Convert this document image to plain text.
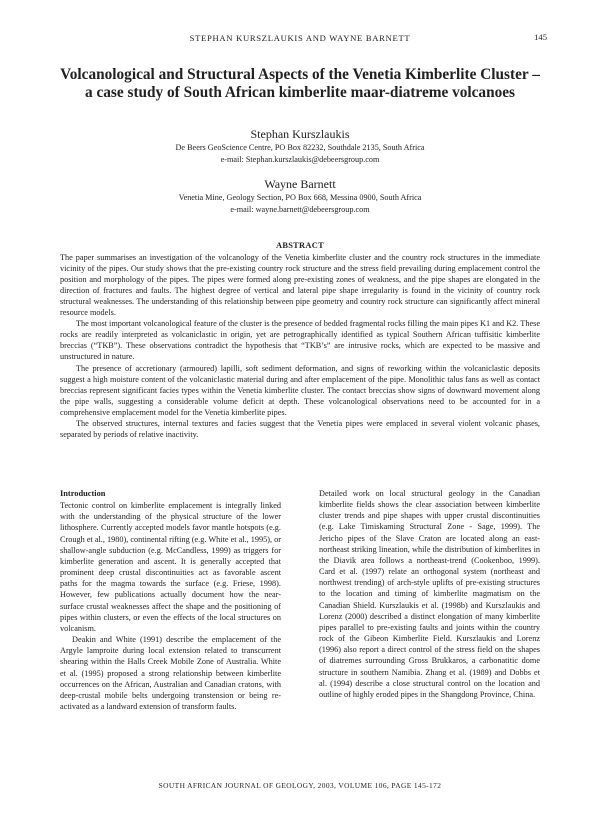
STEPHAN KURSZLAUKIS AND WAYNE BARNETT	145
Volcanological and Structural Aspects of the Venetia Kimberlite Cluster – a case study of South African kimberlite maar-diatreme volcanoes
Stephan Kurszlaukis
De Beers GeoScience Centre, PO Box 82232, Southdale 2135, South Africa
e-mail: Stephan.kurszlaukis@debeersgroup.com
Wayne Barnett
Venetia Mine, Geology Section, PO Box 668, Messina 0900, South Africa
e-mail: wayne.barnett@debeersgroup.com
ABSTRACT

The paper summarises an investigation of the volcanology of the Venetia kimberlite cluster and the country rock structures in the immediate vicinity of the pipes. Our study shows that the pre-existing country rock structure and the stress field prevailing during emplacement control the position and morphology of the pipes. The pipes were formed along pre-existing zones of weakness, and the pipe shapes are elongated in the direction of fractures and faults. The highest degree of vertical and lateral pipe shape irregularity is found in the vicinity of country rock structural weaknesses. The understanding of this relationship between pipe geometry and country rock structure can significantly affect mineral resource models.

The most important volcanological feature of the cluster is the presence of bedded fragmental rocks filling the main pipes K1 and K2. These rocks are readily interpreted as volcaniclastic in origin, yet are petrographically identified as typical Southern African tuffisitic kimberlite breccias (“TKB”). These observations contradict the hypothesis that “TKB’s” are intrusive rocks, which are expected to be massive and unstructured in nature.

The presence of accretionary (armoured) lapilli, soft sediment deformation, and signs of reworking within the volcaniclastic deposits suggest a high moisture content of the volcaniclastic material during and after emplacement of the pipe. Monolithic talus fans as well as contact breccias represent significant facies types within the Venetia kimberlite cluster. The contact breccias show signs of downward movement along the pipe walls, suggesting a considerable volume deficit at depth. These volcanological observations need to be accounted for in a comprehensive emplacement model for the Venetia kimberlite pipes.

The observed structures, internal textures and facies suggest that the Venetia pipes were emplaced in several violent volcanic phases, separated by periods of relative inactivity.

Introduction

Tectonic control on kimberlite emplacement is integrally linked with the understanding of the physical structure of the lower lithosphere. Currently accepted models favor mantle hotspots (e.g. Crough et al., 1980), continental rifting (e.g. White et al., 1995), or shallow-angle subduction (e.g. McCandless, 1999) as triggers for kimberlite generation and ascent. It is generally accepted that prominent deep crustal discontinuities act as favorable ascent paths for the magma towards the surface (e.g. Friese, 1998). However, few publications actually document how the near-surface crustal weaknesses affect the shape and the positioning of pipes within clusters, or even the effects of the local structures on volcanism.

Deakin and White (1991) describe the emplacement of the Argyle lamproite during local extension related to transcurrent shearing within the Halls Creek Mobile Zone of Australia. White et al. (1995) proposed a strong relationship between kimberlite occurrences on the African, Australian and Canadian cratons, with deep-crustal mobile belts undergoing transtension or being re-activated as a landward extension of transform faults.

Detailed work on local structural geology in the Canadian kimberlite fields shows the clear association between kimberlite cluster trends and pipe shapes with upper crustal discontinuities (e.g. Lake Timiskaming Structural Zone - Sage, 1999). The Jericho pipes of the Slave Craton are located along an east-northeast striking lineation, while the distribution of kimberlites in the Diavik area follows a northeast-trend (Cookenboo, 1999). Card et al. (1997) relate an orthogonal system (northeast and northwest trending) of arch-style uplifts of pre-existing structures to the location and timing of kimberlite magmatism on the Canadian Shield. Kurszlaukis et al. (1998b) and Kurszlaukis and Lorenz (2000) described a distinct elongation of many kimberlite pipes parallel to pre-existing faults and joints within the country rock of the Gibeon Kimberlite Field. Kurszlaukis and Lorenz (1996) also report a direct control of the stress field on the shapes of diatremes surrounding Gross Brukkaros, a carbonatitic dome structure in southern Namibia. Zhang et al. (1989) and Dobbs et al. (1994) describe a close structural control on the location and outline of highly eroded pipes in the Shangdong Province, China.

SOUTH AFRICAN JOURNAL OF GEOLOGY, 2003, VOLUME 106, PAGE 145-172
